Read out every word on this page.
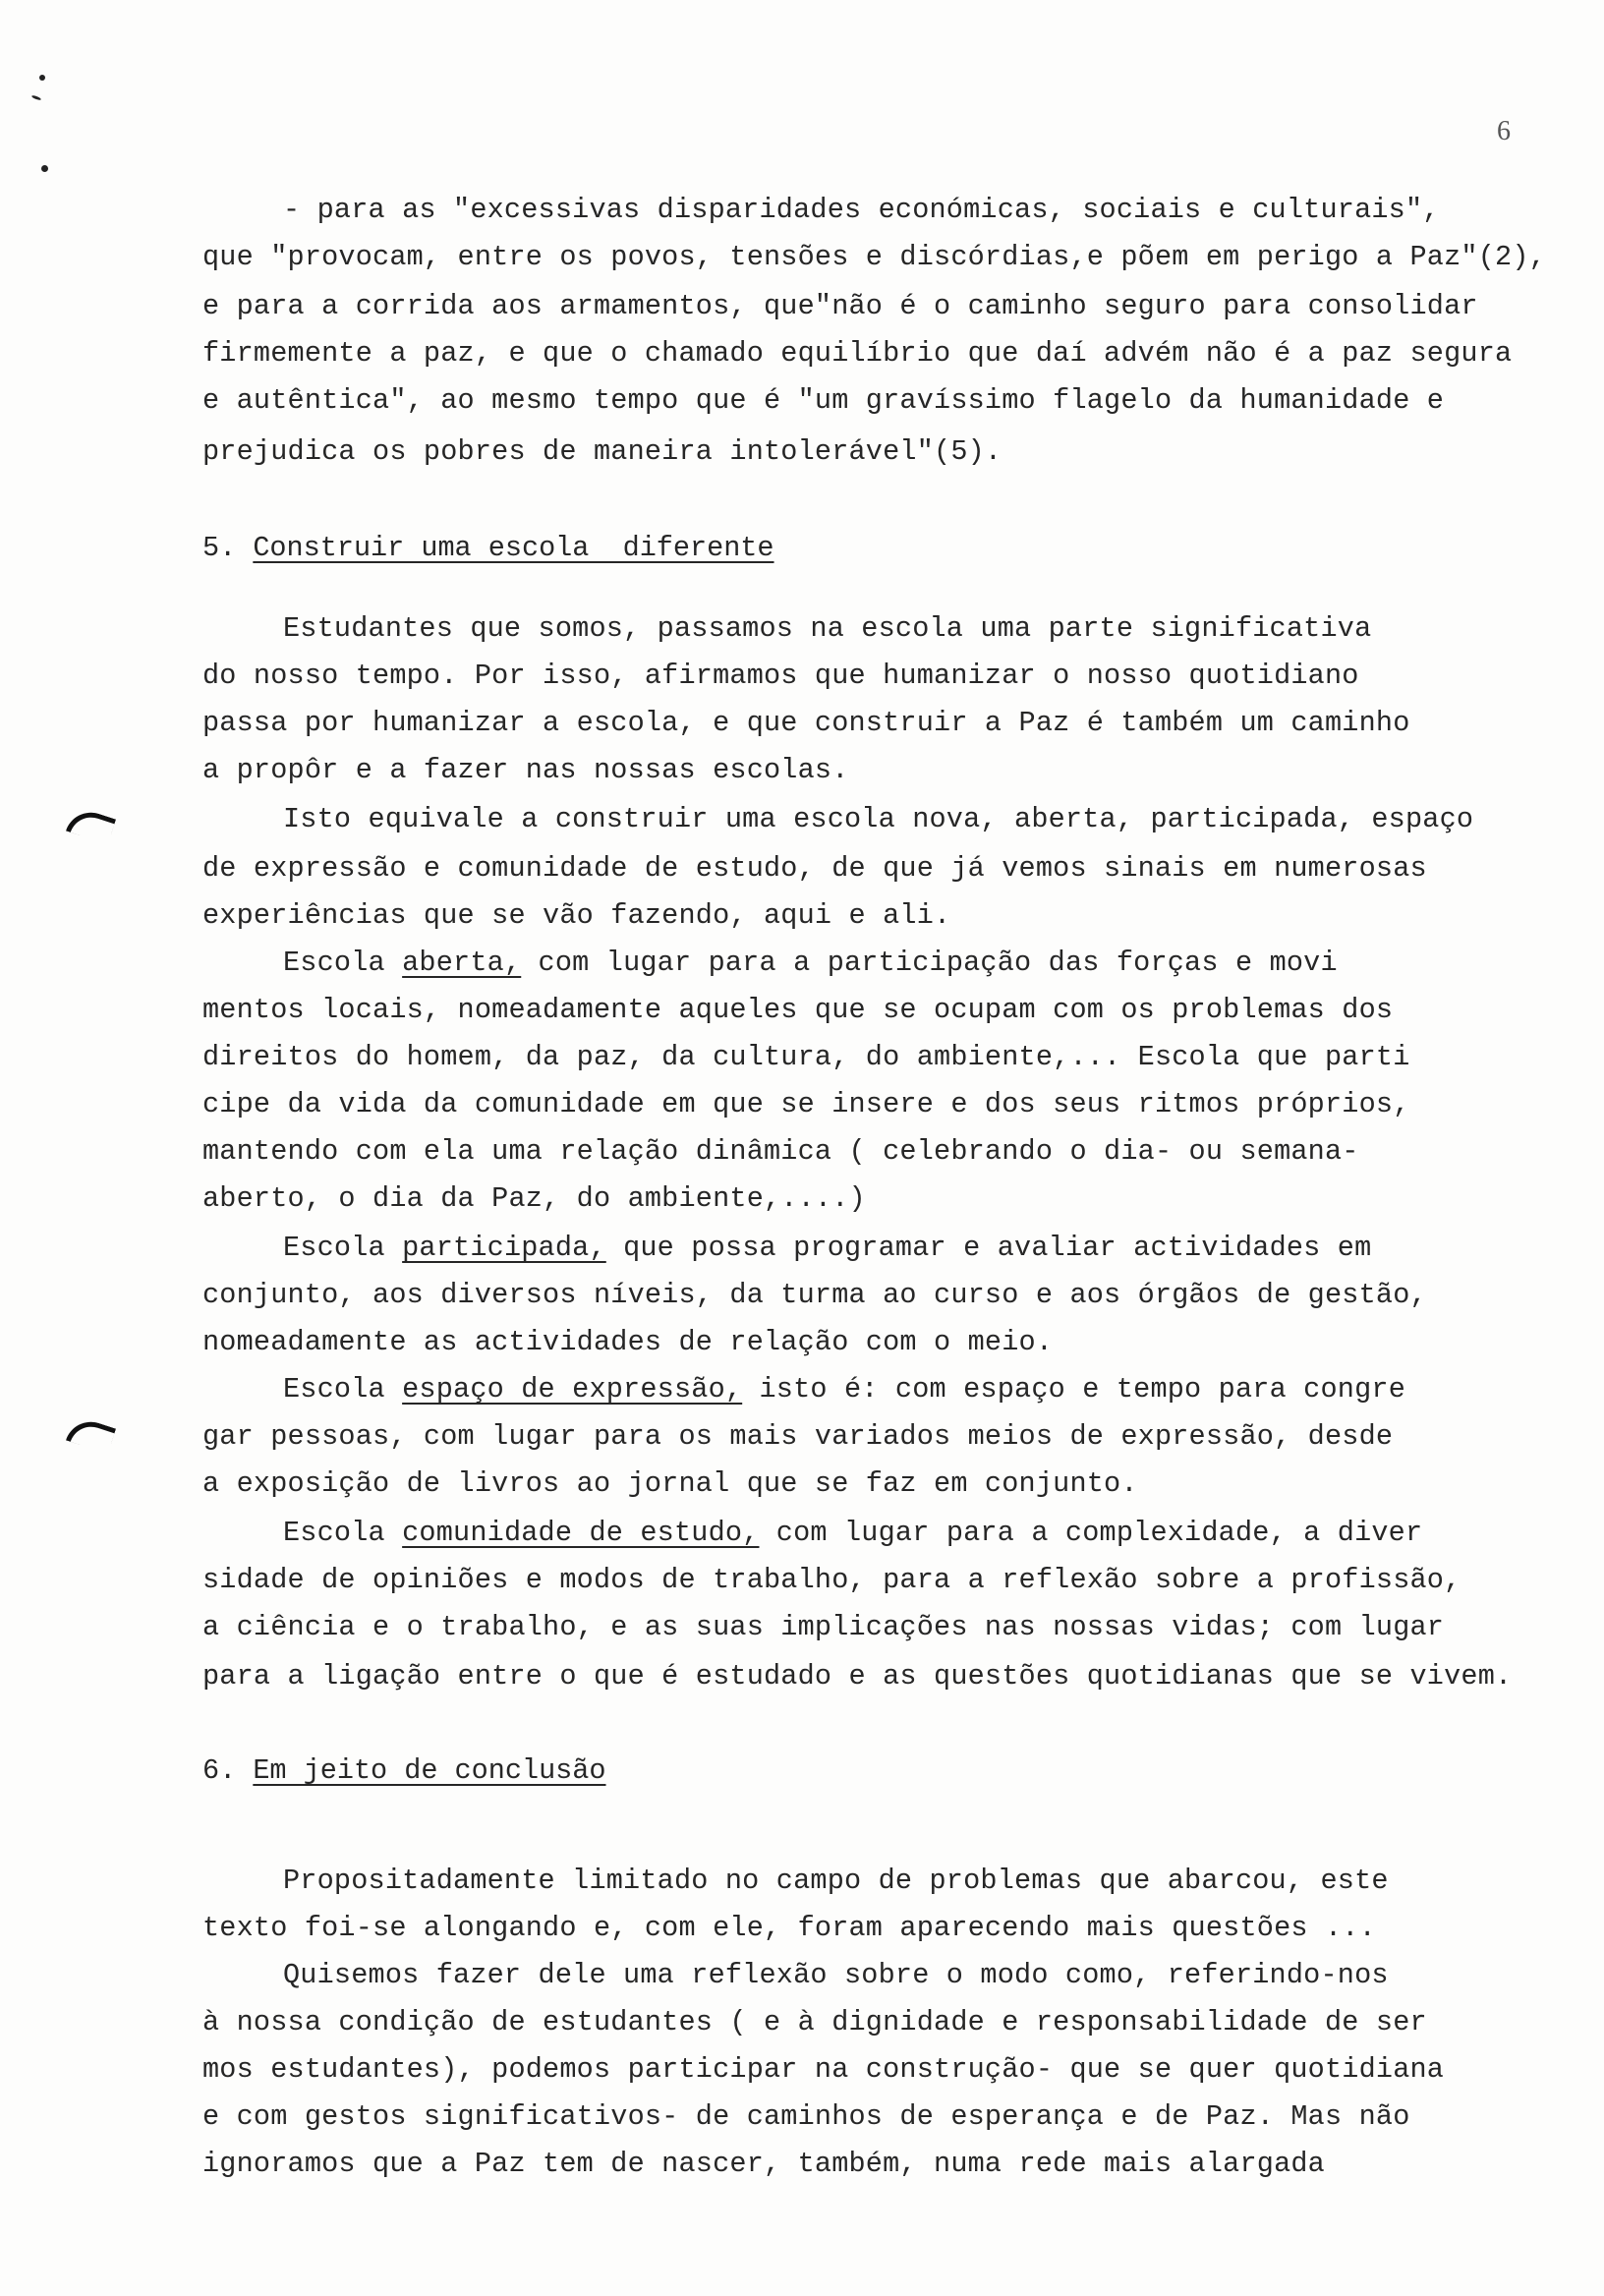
6
- para as "excessivas disparidades económicas, sociais e culturais",
que "provocam, entre os povos, tensões e discórdias,e põem em perigo a Paz"(2),
e para a corrida aos armamentos, que"não é o caminho seguro para consolidar
firmemente a paz, e que o chamado equilíbrio que daí advém não é a paz segura
e autêntica", ao mesmo tempo que é "um gravíssimo flagelo da humanidade e
prejudica os pobres de maneira intolerável"(5).
5. Construir uma escola  diferente
Estudantes que somos, passamos na escola uma parte significativa
do nosso tempo. Por isso, afirmamos que humanizar o nosso quotidiano
passa por humanizar a escola, e que construir a Paz é também um caminho
a propôr e a fazer nas nossas escolas.
Isto equivale a construir uma escola nova, aberta, participada, espaço
de expressão e comunidade de estudo, de que já vemos sinais em numerosas
experiências que se vão fazendo, aqui e ali.
Escola aberta, com lugar para a participação das forças e movi
mentos locais, nomeadamente aqueles que se ocupam com os problemas dos
direitos do homem, da paz, da cultura, do ambiente,... Escola que parti
cipe da vida da comunidade em que se insere e dos seus ritmos próprios,
mantendo com ela uma relação dinâmica ( celebrando o dia- ou semana-
aberto, o dia da Paz, do ambiente,....)
Escola participada, que possa programar e avaliar actividades em
conjunto, aos diversos níveis, da turma ao curso e aos órgãos de gestão,
nomeadamente as actividades de relação com o meio.
Escola espaço de expressão, isto é: com espaço e tempo para congre
gar pessoas, com lugar para os mais variados meios de expressão, desde
a exposição de livros ao jornal que se faz em conjunto.
Escola comunidade de estudo, com lugar para a complexidade, a diver
sidade de opiniões e modos de trabalho, para a reflexão sobre a profissão,
a ciência e o trabalho, e as suas implicações nas nossas vidas; com lugar
para a ligação entre o que é estudado e as questões quotidianas que se vivem.
6. Em jeito de conclusão
Propositadamente limitado no campo de problemas que abarcou, este
texto foi-se alongando e, com ele, foram aparecendo mais questões ...
Quisemos fazer dele uma reflexão sobre o modo como, referindo-nos
à nossa condição de estudantes ( e à dignidade e responsabilidade de ser
mos estudantes), podemos participar na construção- que se quer quotidiana
e com gestos significativos- de caminhos de esperança e de Paz. Mas não
ignoramos que a Paz tem de nascer, também, numa rede mais alargada
